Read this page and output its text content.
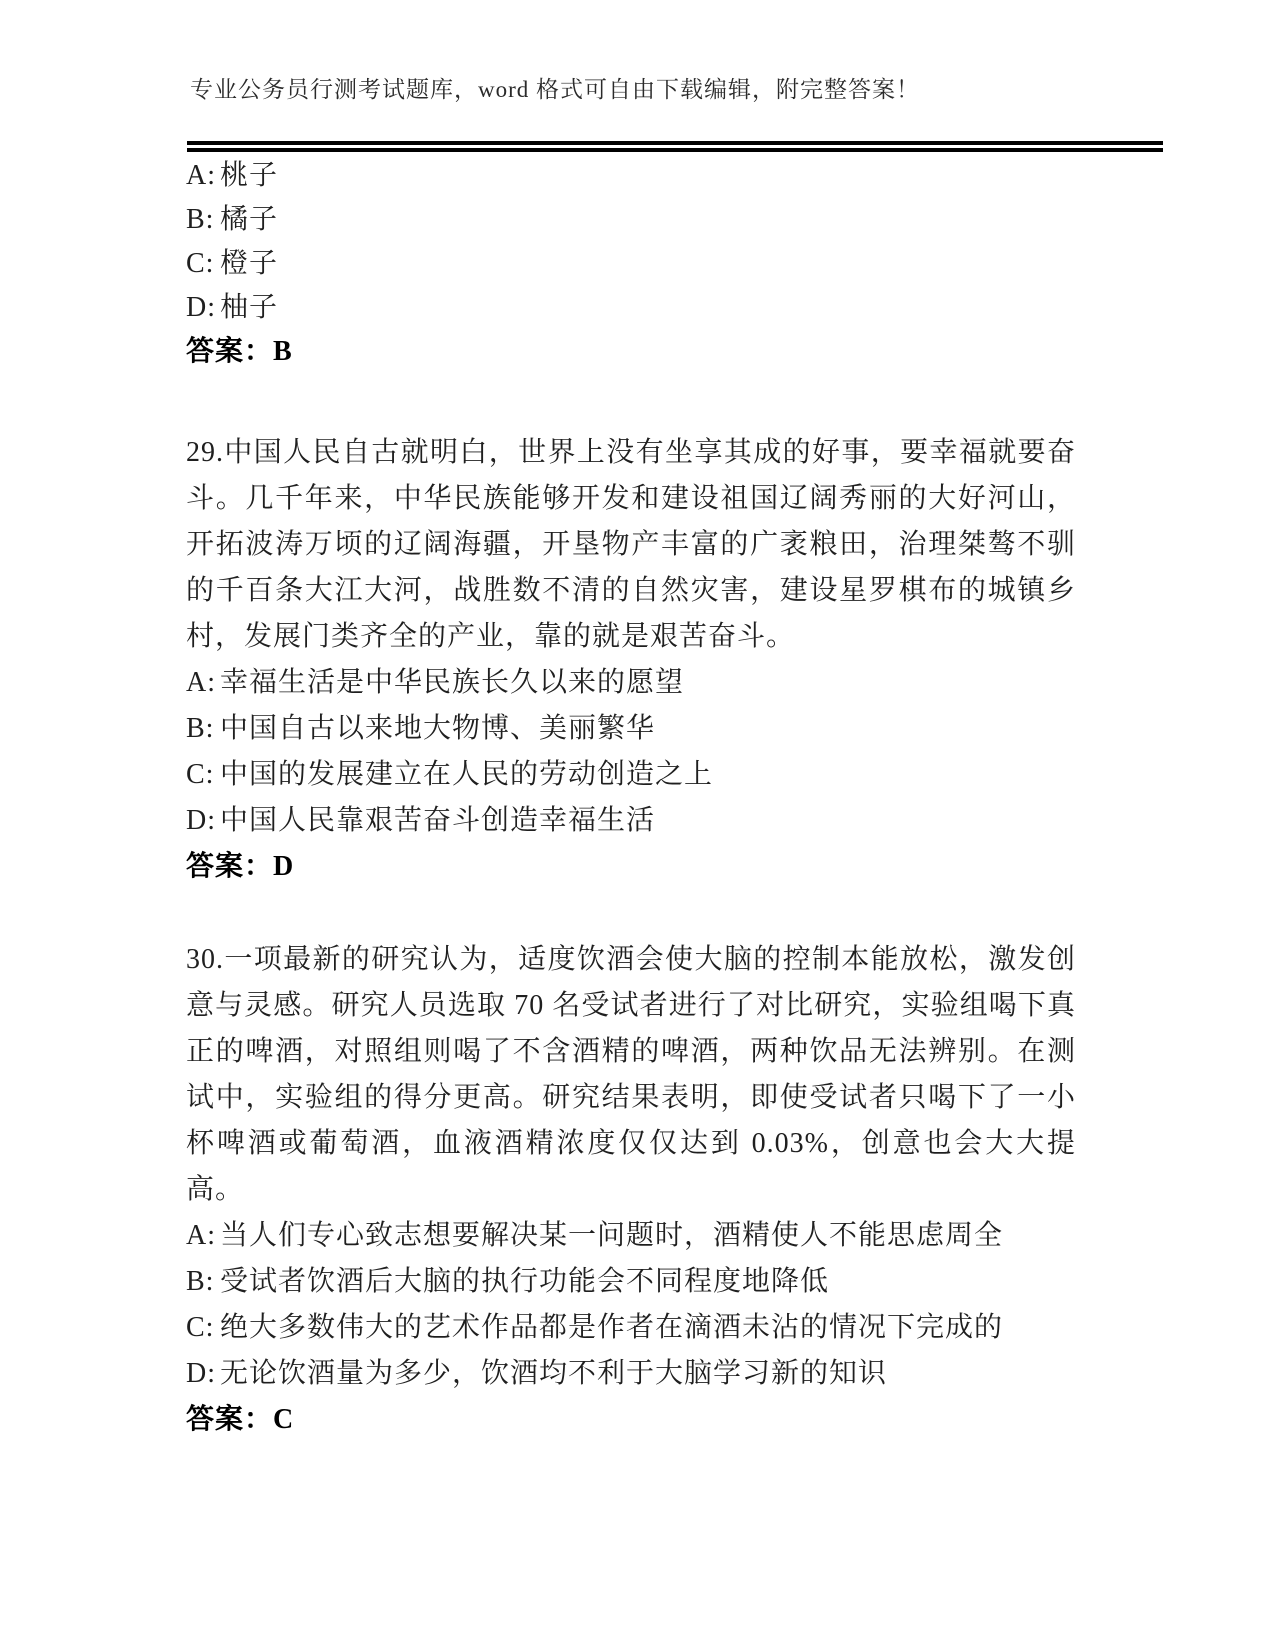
专业公务员行测考试题库，word 格式可自由下载编辑，附完整答案！
A: 桃子
B: 橘子
C: 橙子
D: 柚子
答案：B
29.中国人民自古就明白，世界上没有坐享其成的好事，要幸福就要奋斗。几千年来，中华民族能够开发和建设祖国辽阔秀丽的大好河山，开拓波涛万顷的辽阔海疆，开垦物产丰富的广袤粮田，治理桀骜不驯的千百条大江大河，战胜数不清的自然灾害，建设星罗棋布的城镇乡村，发展门类齐全的产业，靠的就是艰苦奋斗。
A: 幸福生活是中华民族长久以来的愿望
B: 中国自古以来地大物博、美丽繁华
C: 中国的发展建立在人民的劳动创造之上
D: 中国人民靠艰苦奋斗创造幸福生活
答案：D
30.一项最新的研究认为，适度饮酒会使大脑的控制本能放松，激发创意与灵感。研究人员选取 70 名受试者进行了对比研究，实验组喝下真正的啤酒，对照组则喝了不含酒精的啤酒，两种饮品无法辨别。在测试中，实验组的得分更高。研究结果表明，即使受试者只喝下了一小杯啤酒或葡萄酒，血液酒精浓度仅仅达到 0.03%，创意也会大大提高。
A: 当人们专心致志想要解决某一问题时，酒精使人不能思虑周全
B: 受试者饮酒后大脑的执行功能会不同程度地降低
C: 绝大多数伟大的艺术作品都是作者在滴酒未沾的情况下完成的
D: 无论饮酒量为多少，饮酒均不利于大脑学习新的知识
答案：C
